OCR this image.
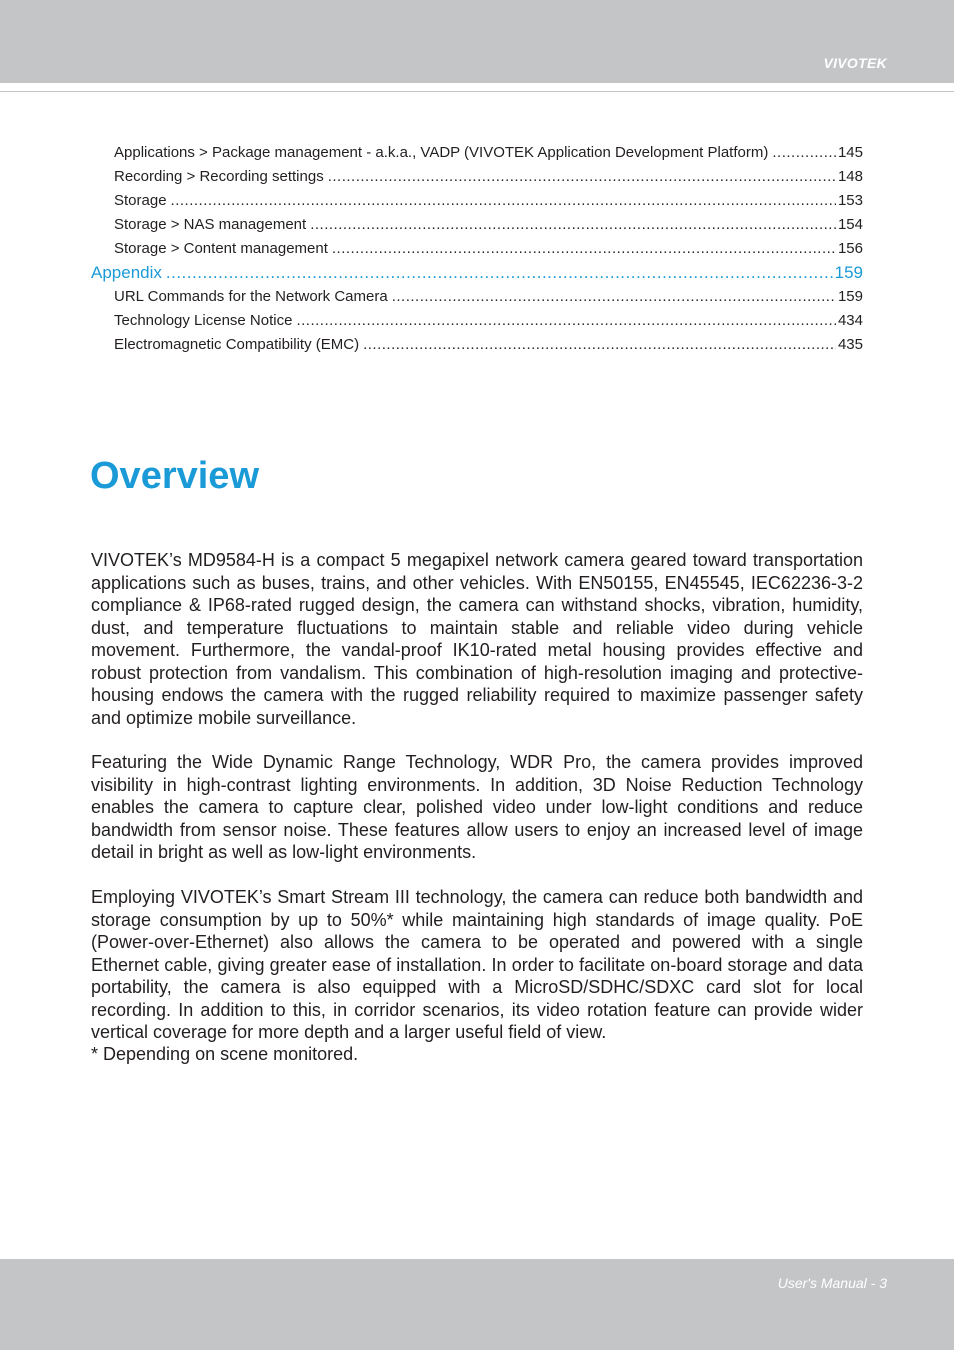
VIVOTEK
Applications > Package management - a.k.a., VADP (VIVOTEK Application Development Platform) .....	145
Recording > Recording settings .....	148
Storage .....	153
Storage > NAS management .....	154
Storage > Content management .....	156
Appendix .....	159
URL Commands for the Network Camera .....	159
Technology License Notice .....	434
Electromagnetic Compatibility (EMC) .....	435
Overview

VIVOTEK’s MD9584-H is a compact 5 megapixel network camera geared toward transportation applications such as buses, trains, and other vehicles. With EN50155, EN45545, IEC62236-3-2 compliance & IP68-rated rugged design, the camera can withstand shocks, vibration, humidity, dust, and temperature fluctuations to maintain stable and reliable video during vehicle movement. Furthermore, the vandal-proof IK10-rated metal housing provides effective and robust protection from vandalism. This combination of high-resolution imaging and protective-housing endows the camera with the rugged reliability required to maximize passenger safety and optimize mobile surveillance.

Featuring the Wide Dynamic Range Technology, WDR Pro, the camera provides improved visibility in high-contrast lighting environments. In addition, 3D Noise Reduction Technology enables the camera to capture clear, polished video under low-light conditions and reduce bandwidth from sensor noise. These features allow users to enjoy an increased level of image detail in bright as well as low-light environments.

Employing VIVOTEK’s Smart Stream III technology, the camera can reduce both bandwidth and storage consumption by up to 50%* while maintaining high standards of image quality. PoE (Power-over-Ethernet) also allows the camera to be operated and powered with a single Ethernet cable, giving greater ease of installation. In order to facilitate on-board storage and data portability, the camera is also equipped with a MicroSD/SDHC/SDXC card slot for local recording. In addition to this, in corridor scenarios, its video rotation feature can provide wider vertical coverage for more depth and a larger useful field of view.

* Depending on scene monitored.

User's Manual - 3
